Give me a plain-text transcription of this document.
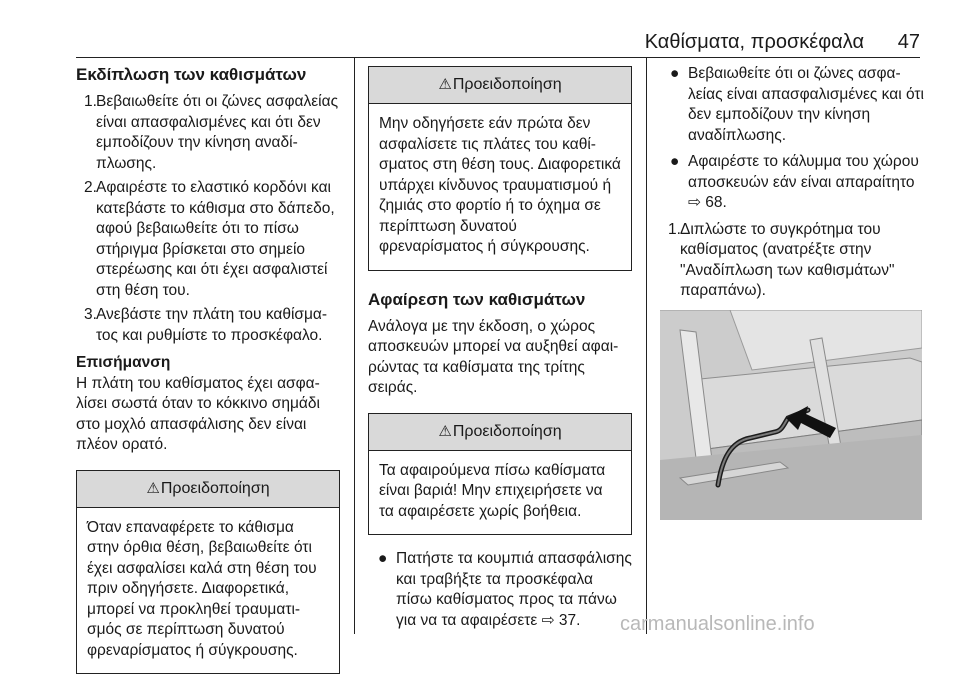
Καθίσματα, προσκέφαλα 47
Εκδίπλωση των καθισμάτων
1. Βεβαιωθείτε ότι οι ζώνες ασφαλείας είναι απασφαλισμένες και ότι δεν εμποδίζουν την κίνηση αναδίπλωσης.
2. Αφαιρέστε το ελαστικό κορδόνι και κατεβάστε το κάθισμα στο δάπεδο, αφού βεβαιωθείτε ότι το πίσω στήριγμα βρίσκεται στο σημείο στερέωσης και ότι έχει ασφαλιστεί στη θέση του.
3. Ανεβάστε την πλάτη του καθίσματος και ρυθμίστε το προσκέφαλο.

Επισήμανση

Η πλάτη του καθίσματος έχει ασφαλίσει σωστά όταν το κόκκινο σημάδι στο μοχλό απασφάλισης δεν είναι πλέον ορατό.

⚠Προειδοποίηση
Όταν επαναφέρετε το κάθισμα στην όρθια θέση, βεβαιωθείτε ότι έχει ασφαλίσει καλά στη θέση του πριν οδηγήσετε. Διαφορετικά, μπορεί να προκληθεί τραυματισμός σε περίπτωση δυνατού φρεναρίσματος ή σύγκρουσης.
⚠Προειδοποίηση
Μην οδηγήσετε εάν πρώτα δεν ασφαλίσετε τις πλάτες του καθίσματος στη θέση τους. Διαφορετικά υπάρχει κίνδυνος τραυματισμού ή ζημιάς στο φορτίο ή το όχημα σε περίπτωση δυνατού φρεναρίσματος ή σύγκρουσης.
Αφαίρεση των καθισμάτων

Ανάλογα με την έκδοση, ο χώρος αποσκευών μπορεί να αυξηθεί αφαιρώντας τα καθίσματα της τρίτης σειράς.

⚠Προειδοποίηση
Τα αφαιρούμενα πίσω καθίσματα είναι βαριά! Μην επιχειρήσετε να τα αφαιρέσετε χωρίς βοήθεια.
● Πατήστε τα κουμπιά απασφάλισης και τραβήξτε τα προσκέφαλα πίσω καθίσματος προς τα πάνω για να τα αφαιρέσετε ⇨ 37.
● Βεβαιωθείτε ότι οι ζώνες ασφαλείας είναι απασφαλισμένες και ότι δεν εμποδίζουν την κίνηση αναδίπλωσης.
● Αφαιρέστε το κάλυμμα του χώρου αποσκευών εάν είναι απαραίτητο ⇨ 68.
1. Διπλώστε το συγκρότημα του καθίσματος (ανατρέξτε στην "Αναδίπλωση των καθισμάτων" παραπάνω).
carmanualsonline.info
